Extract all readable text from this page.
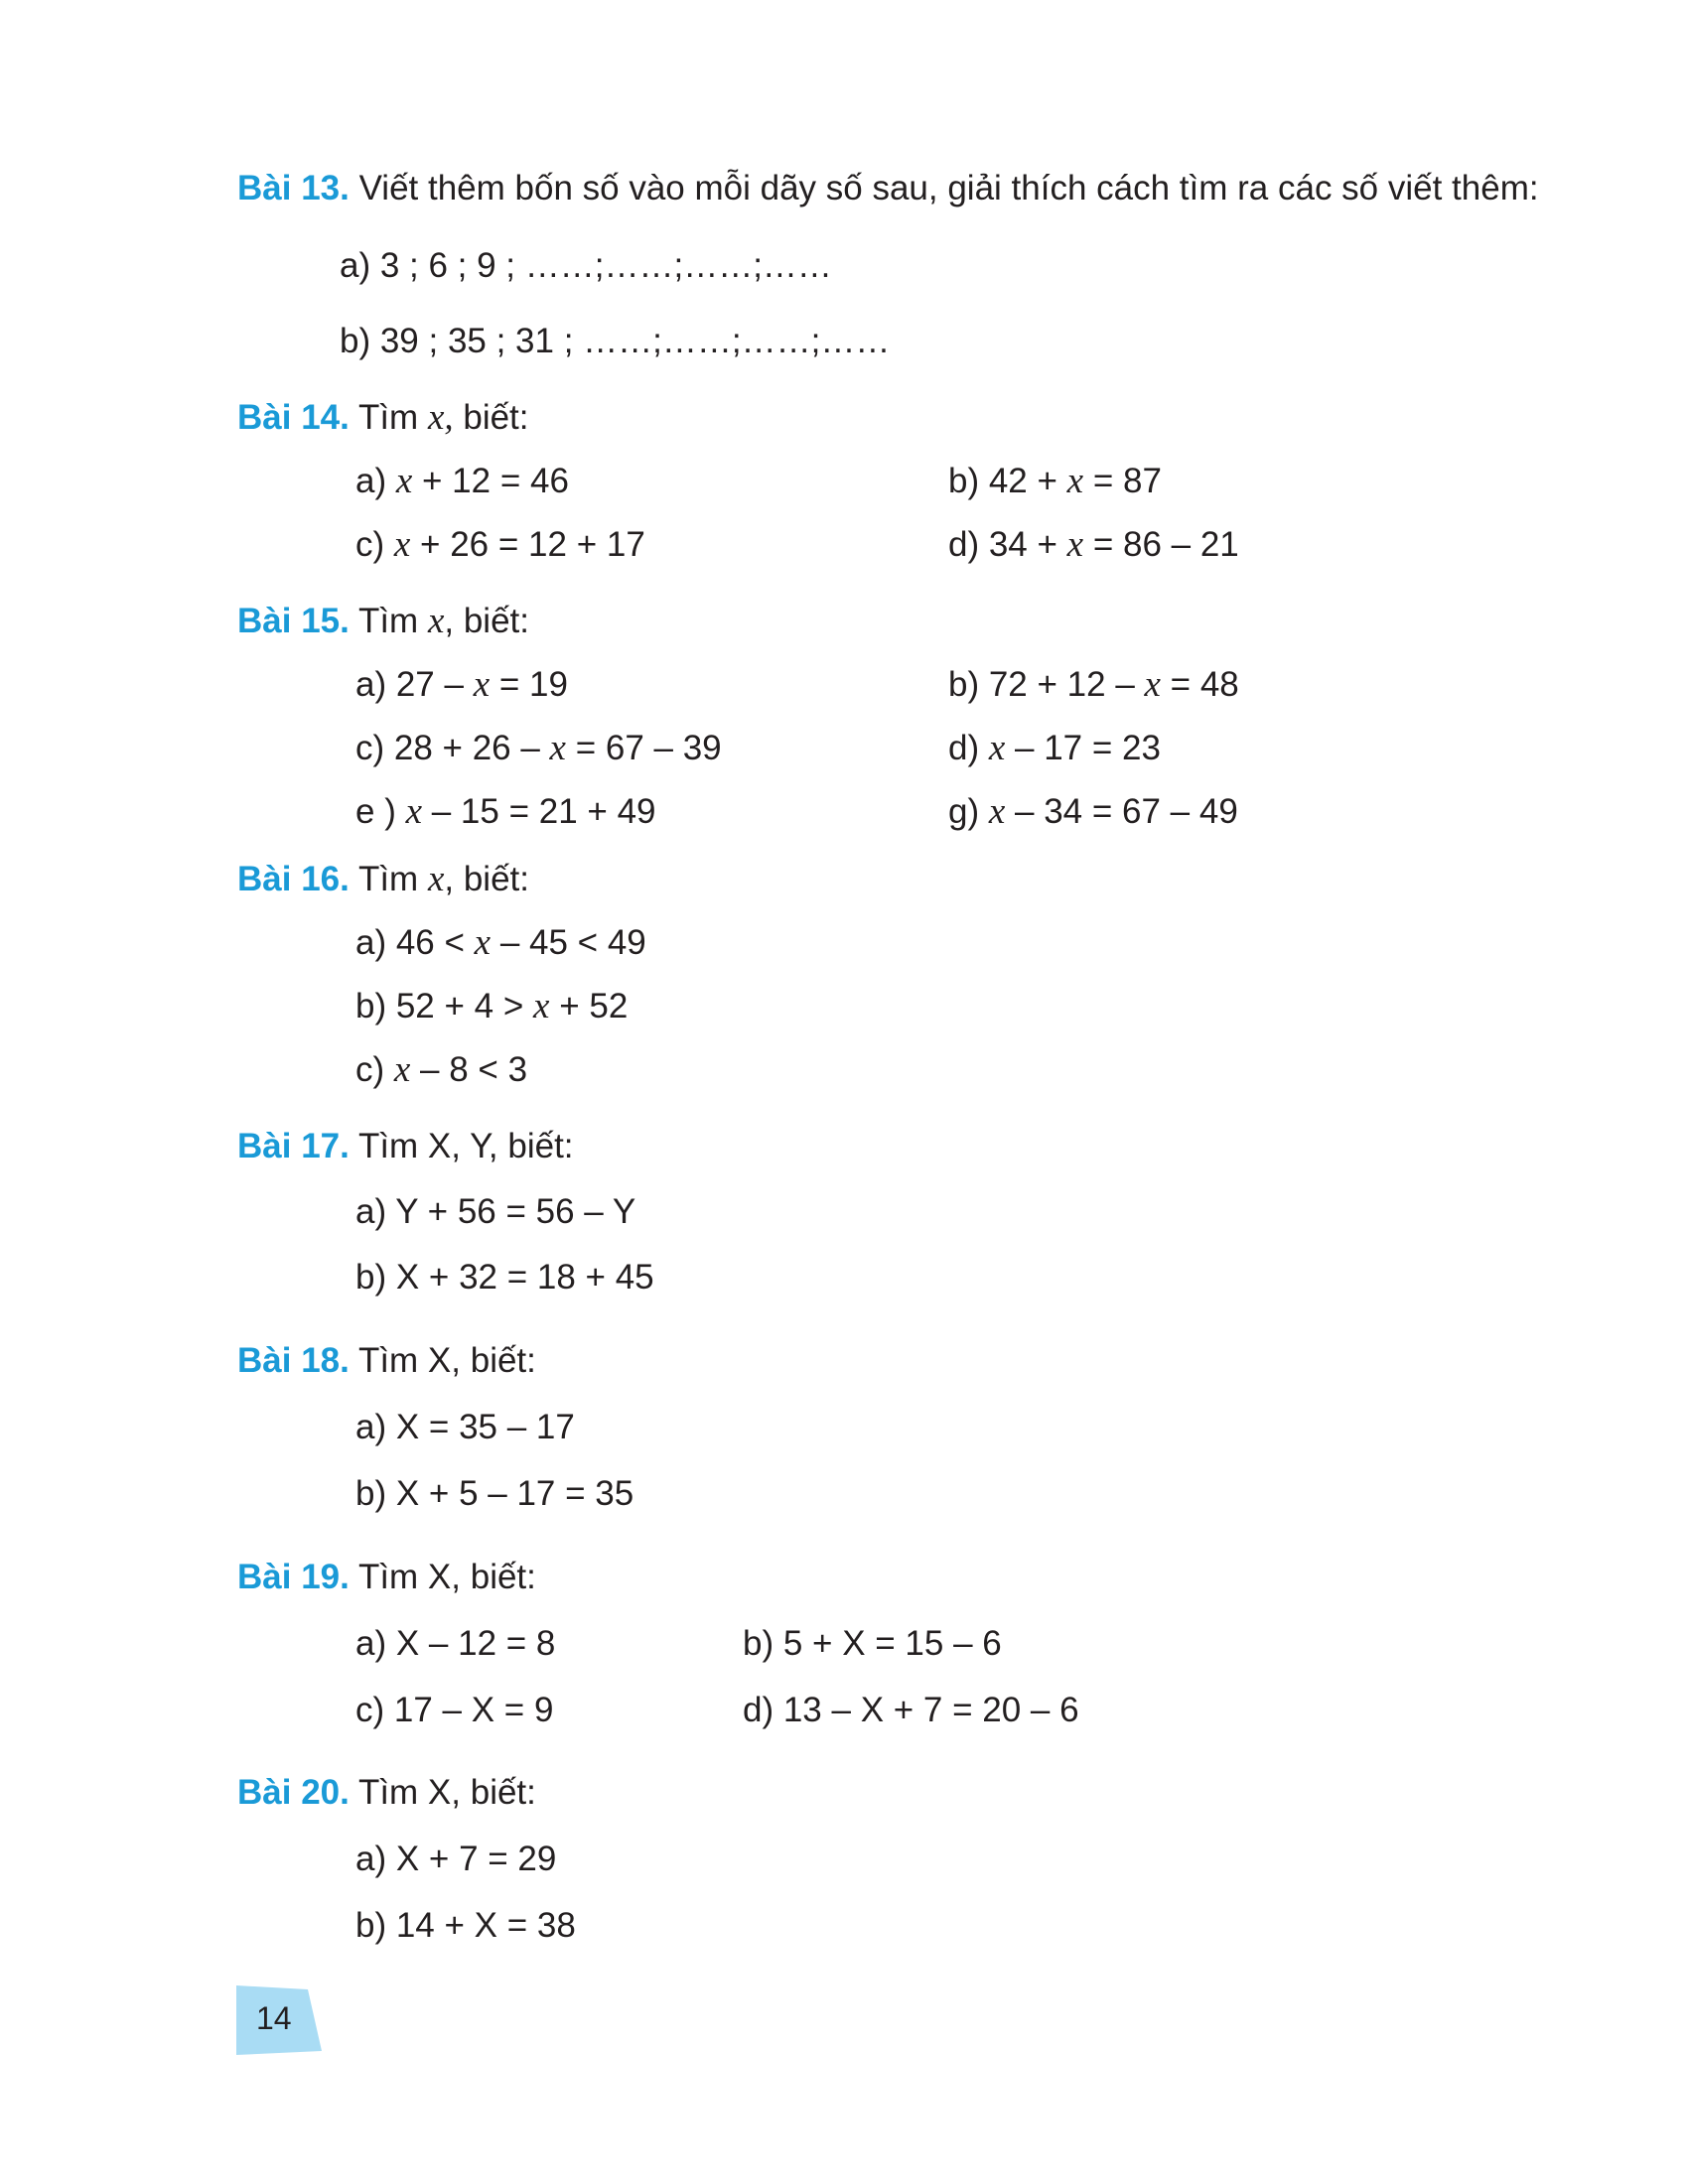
Bài 13. Viết thêm bốn số vào mỗi dãy số sau, giải thích cách tìm ra các số viết thêm:
a) 3 ; 6 ; 9 ; ……;……;……;……
b) 39 ; 35 ; 31 ; ……;……;……;……
Bài 14. Tìm x, biết:
a) x + 12 = 46	b) 42 + x = 87
c) x + 26 = 12 + 17	d) 34 + x = 86 – 21
Bài 15. Tìm x, biết:
a) 27 – x = 19	b) 72 + 12 – x = 48
c) 28 + 26 – x = 67 – 39	d) x – 17 = 23
e ) x – 15 = 21 + 49	g) x – 34 = 67 – 49
Bài 16. Tìm x, biết:
a) 46 < x – 45 < 49
b) 52 + 4 > x + 52
c) x – 8 < 3
Bài 17. Tìm X, Y, biết:
a) Y + 56 = 56 – Y
b) X + 32 = 18 + 45
Bài 18. Tìm X, biết:
a) X = 35 – 17
b) X + 5 – 17 = 35
Bài 19. Tìm X, biết:
a) X – 12 = 8	b) 5 + X = 15 – 6
c) 17 – X = 9	d) 13 – X + 7 = 20 – 6
Bài 20. Tìm X, biết:
a) X + 7 = 29
b) 14 + X = 38
14
